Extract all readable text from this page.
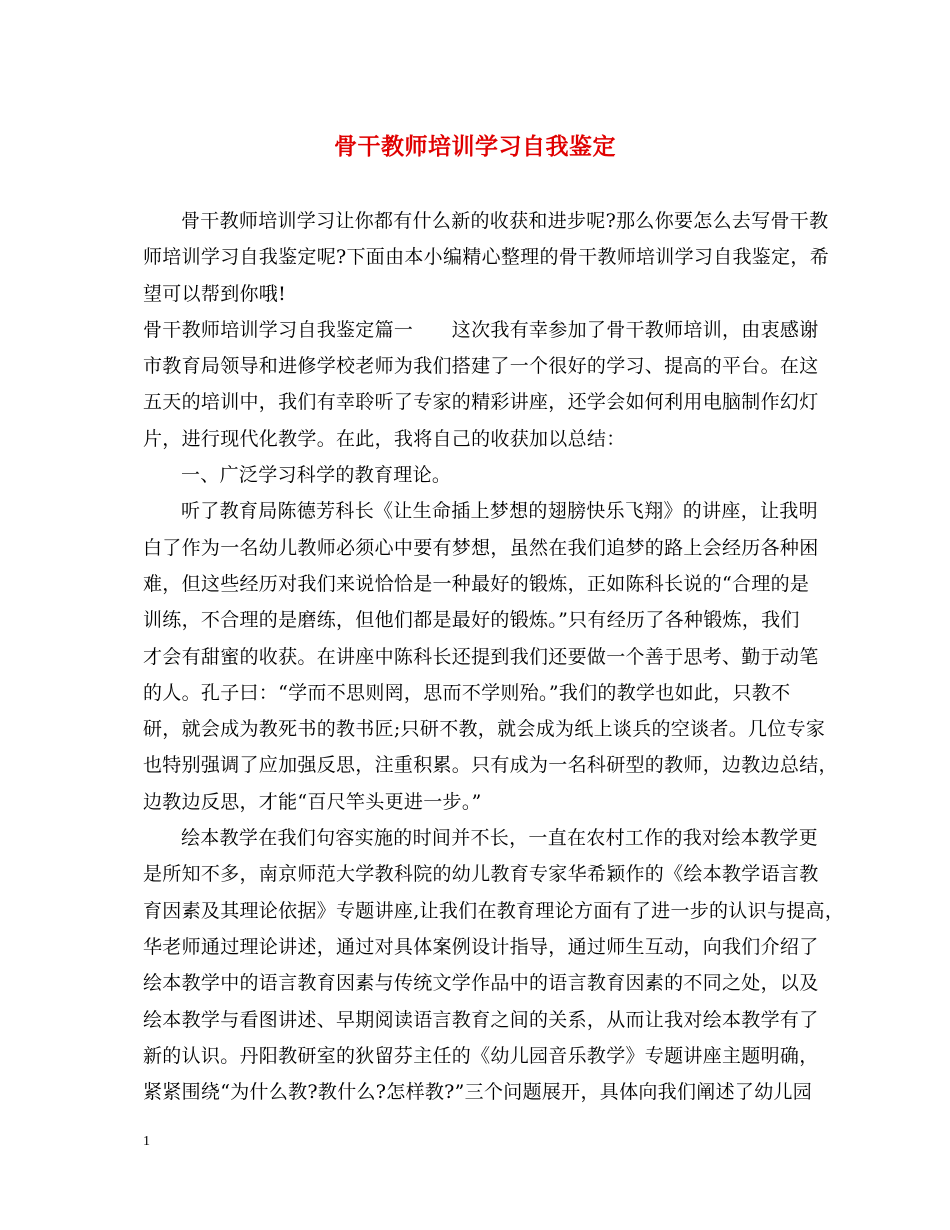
骨干教师培训学习自我鉴定
骨干教师培训学习让你都有什么新的收获和进步呢?那么你要怎么去写骨干教
师培训学习自我鉴定呢?下面由本小编精心整理的骨干教师培训学习自我鉴定，希
望可以帮到你哦!
骨干教师培训学习自我鉴定篇一　　这次我有幸参加了骨干教师培训，由衷感谢
市教育局领导和进修学校老师为我们搭建了一个很好的学习、提高的平台。在这
五天的培训中，我们有幸聆听了专家的精彩讲座，还学会如何利用电脑制作幻灯
片，进行现代化教学。在此，我将自己的收获加以总结：
一、广泛学习科学的教育理论。
听了教育局陈德芳科长《让生命插上梦想的翅膀快乐飞翔》的讲座，让我明
白了作为一名幼儿教师必须心中要有梦想，虽然在我们追梦的路上会经历各种困
难，但这些经历对我们来说恰恰是一种最好的锻炼，正如陈科长说的“合理的是
训练，不合理的是磨练，但他们都是最好的锻炼。”只有经历了各种锻炼，我们
才会有甜蜜的收获。在讲座中陈科长还提到我们还要做一个善于思考、勤于动笔
的人。孔子曰：“学而不思则罔，思而不学则殆。”我们的教学也如此，只教不
研，就会成为教死书的教书匠;只研不教，就会成为纸上谈兵的空谈者。几位专家
也特别强调了应加强反思，注重积累。只有成为一名科研型的教师，边教边总结，
边教边反思，才能“百尺竿头更进一步。”
绘本教学在我们句容实施的时间并不长，一直在农村工作的我对绘本教学更
是所知不多，南京师范大学教科院的幼儿教育专家华希颖作的《绘本教学语言教
育因素及其理论依据》专题讲座,让我们在教育理论方面有了进一步的认识与提高，
华老师通过理论讲述，通过对具体案例设计指导，通过师生互动，向我们介绍了
绘本教学中的语言教育因素与传统文学作品中的语言教育因素的不同之处，以及
绘本教学与看图讲述、早期阅读语言教育之间的关系，从而让我对绘本教学有了
新的认识。丹阳教研室的狄留芬主任的《幼儿园音乐教学》专题讲座主题明确，
紧紧围绕“为什么教?教什么?怎样教?”三个问题展开，具体向我们阐述了幼儿园
1
